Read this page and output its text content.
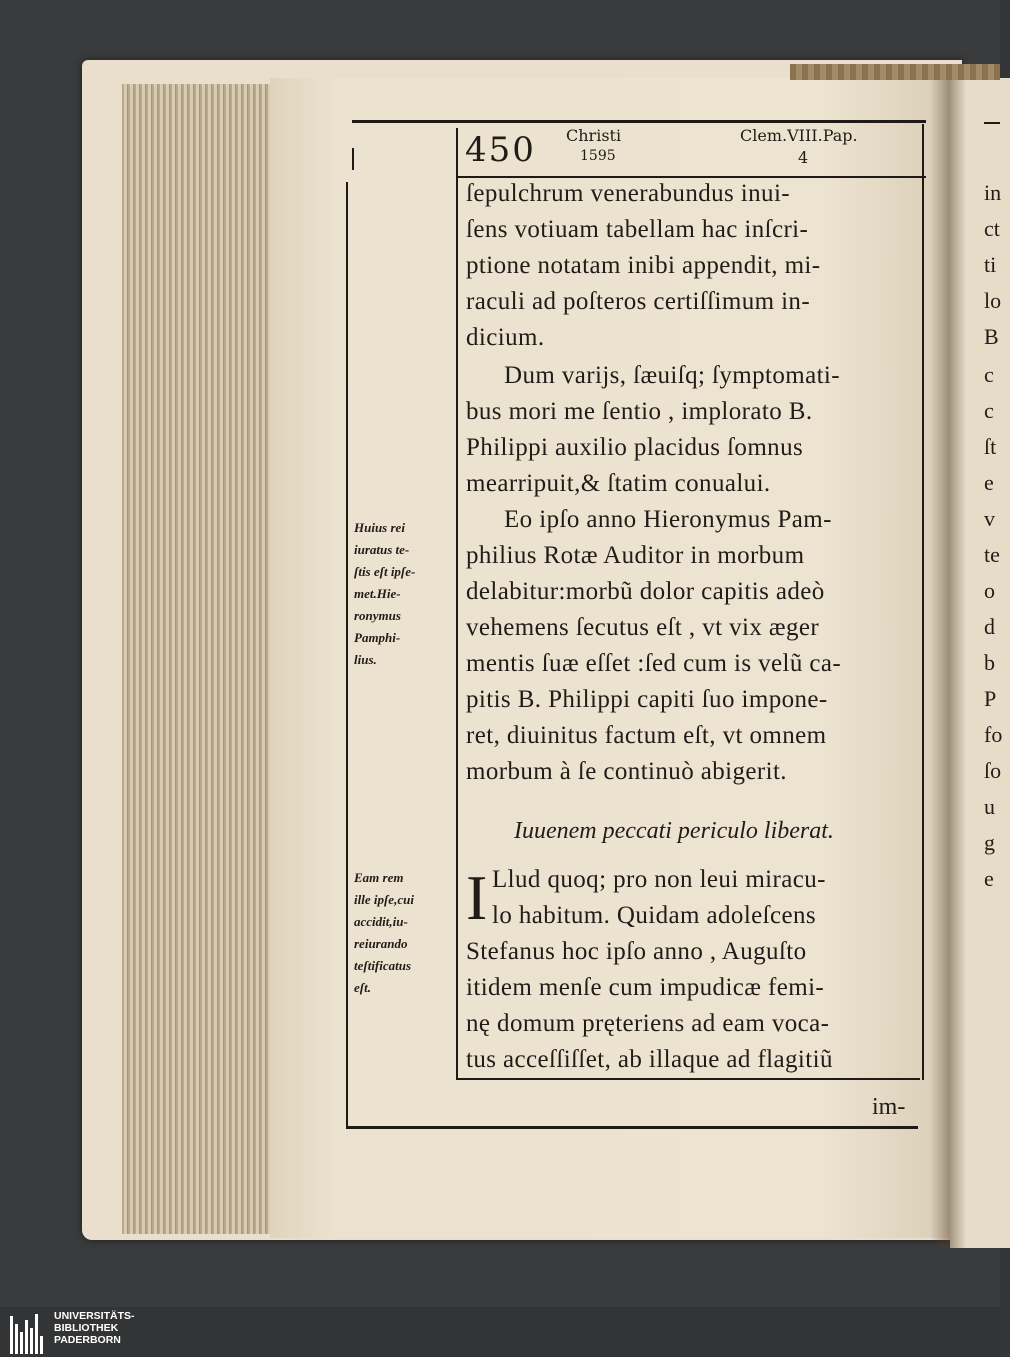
450 Christi
1595
Clem.VIII.Pap.
4
ſepulchrum venerabundus inui-
ſens votiuam tabellam hac inſcri-
ptione notatam inibi appendit, mi-
raculi ad poſteros certiſſimum in-
dicium.
Dum varijs, ſæuiſq; ſymptomati-
bus mori me ſentio , implorato B.
Philippi auxilio placidus ſomnus
mearripuit,& ſtatim conualui.
Eo ipſo anno Hieronymus Pam-
philius Rotæ Auditor in morbum
delabitur:morbũ dolor capitis adeò
vehemens ſecutus eſt , vt vix æger
mentis ſuæ eſſet :ſed cum is velũ ca-
pitis B. Philippi capiti ſuo impone-
ret, diuinitus factum eſt, vt omnem
morbum à ſe continuò abigerit.
Iuuenem peccati periculo liberat.
I Llud quoq; pro non leui miracu-
lo habitum. Quidam adoleſcens
Stefanus hoc ipſo anno , Auguſto
itidem menſe cum impudicæ femi-
nę domum pręteriens ad eam voca-
tus acceſſiſſet, ab illaque ad flagitiũ
im-
Huius rei
iuratus te-
ſtis eſt ipſe-
met.Hie-
ronymus
Pamphi-
lius.
Eam rem
ille ipſe,cui
accidit,iu-
reiurando
teſtificatus
eſt.
in
ct
ti
lo
B
c
c
ſt
e
v
te
o
d
b
P
fo
ſo
u
g
e
UNIVERSITÄTS-
BIBLIOTHEK
PADERBORN
